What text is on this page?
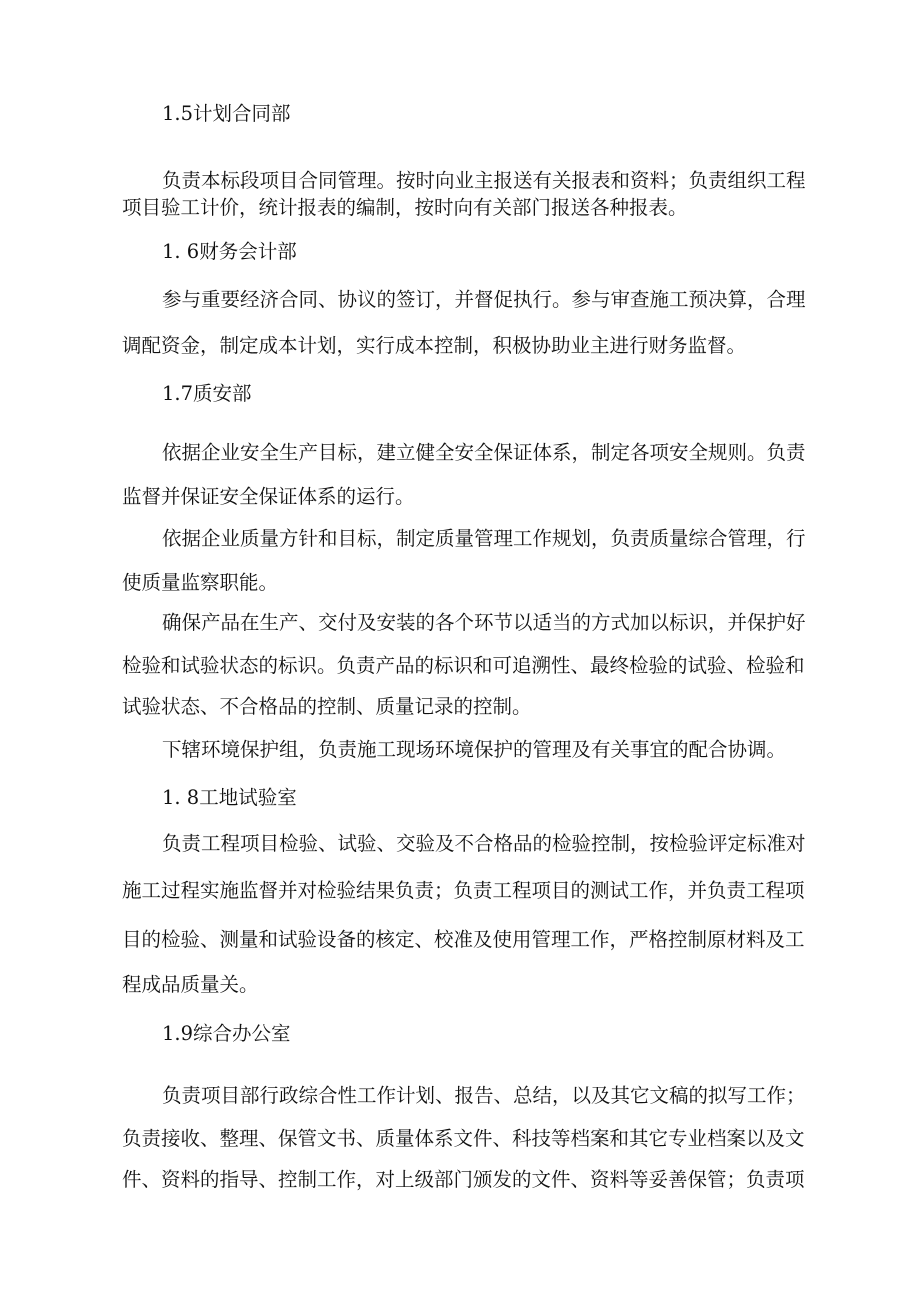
1.5计划合同部
负责本标段项目合同管理。按时向业主报送有关报表和资料；负责组织工程
项目验工计价，统计报表的编制，按时向有关部门报送各种报表。
1. 6财务会计部
参与重要经济合同、协议的签订，并督促执行。参与审查施工预决算，合理
调配资金，制定成本计划，实行成本控制，积极协助业主进行财务监督。
1.7质安部
依据企业安全生产目标，建立健全安全保证体系，制定各项安全规则。负责
监督并保证安全保证体系的运行。
依据企业质量方针和目标，制定质量管理工作规划，负责质量综合管理，行
使质量监察职能。
确保产品在生产、交付及安装的各个环节以适当的方式加以标识，并保护好
检验和试验状态的标识。负责产品的标识和可追溯性、最终检验的试验、检验和
试验状态、不合格品的控制、质量记录的控制。
下辖环境保护组，负责施工现场环境保护的管理及有关事宜的配合协调。
1. 8工地试验室
负责工程项目检验、试验、交验及不合格品的检验控制，按检验评定标准对
施工过程实施监督并对检验结果负责；负责工程项目的测试工作，并负责工程项
目的检验、测量和试验设备的核定、校准及使用管理工作，严格控制原材料及工
程成品质量关。
1.9综合办公室
负责项目部行政综合性工作计划、报告、总结，以及其它文稿的拟写工作；
负责接收、整理、保管文书、质量体系文件、科技等档案和其它专业档案以及文
件、资料的指导、控制工作，对上级部门颁发的文件、资料等妥善保管；负责项
